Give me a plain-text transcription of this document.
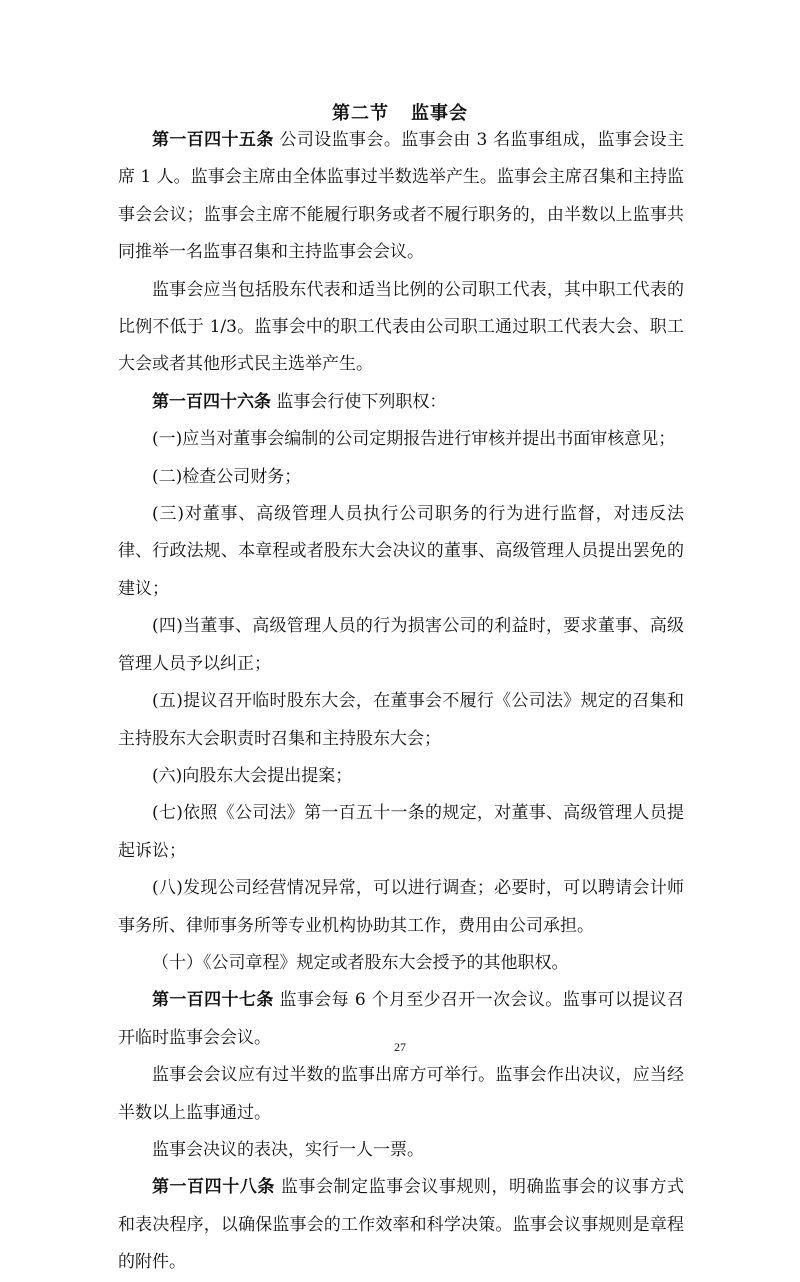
第二节 监事会

第一百四十五条 公司设监事会。监事会由 3 名监事组成，监事会设主席 1 人。监事会主席由全体监事过半数选举产生。监事会主席召集和主持监事会会议；监事会主席不能履行职务或者不履行职务的，由半数以上监事共同推举一名监事召集和主持监事会会议。

监事会应当包括股东代表和适当比例的公司职工代表，其中职工代表的比例不低于 1/3。监事会中的职工代表由公司职工通过职工代表大会、职工大会或者其他形式民主选举产生。

第一百四十六条 监事会行使下列职权：

(一)应当对董事会编制的公司定期报告进行审核并提出书面审核意见；

(二)检查公司财务；

(三)对董事、高级管理人员执行公司职务的行为进行监督，对违反法律、行政法规、本章程或者股东大会决议的董事、高级管理人员提出罢免的建议；

(四)当董事、高级管理人员的行为损害公司的利益时，要求董事、高级管理人员予以纠正；

(五)提议召开临时股东大会，在董事会不履行《公司法》规定的召集和主持股东大会职责时召集和主持股东大会；

(六)向股东大会提出提案；

(七)依照《公司法》第一百五十一条的规定，对董事、高级管理人员提起诉讼；

(八)发现公司经营情况异常，可以进行调查；必要时，可以聘请会计师事务所、律师事务所等专业机构协助其工作，费用由公司承担。

（十）《公司章程》规定或者股东大会授予的其他职权。

第一百四十七条 监事会每 6 个月至少召开一次会议。监事可以提议召开临时监事会会议。

监事会会议应有过半数的监事出席方可举行。监事会作出决议，应当经半数以上监事通过。

监事会决议的表决，实行一人一票。

第一百四十八条 监事会制定监事会议事规则，明确监事会的议事方式和表决程序，以确保监事会的工作效率和科学决策。监事会议事规则是章程的附件。

27
